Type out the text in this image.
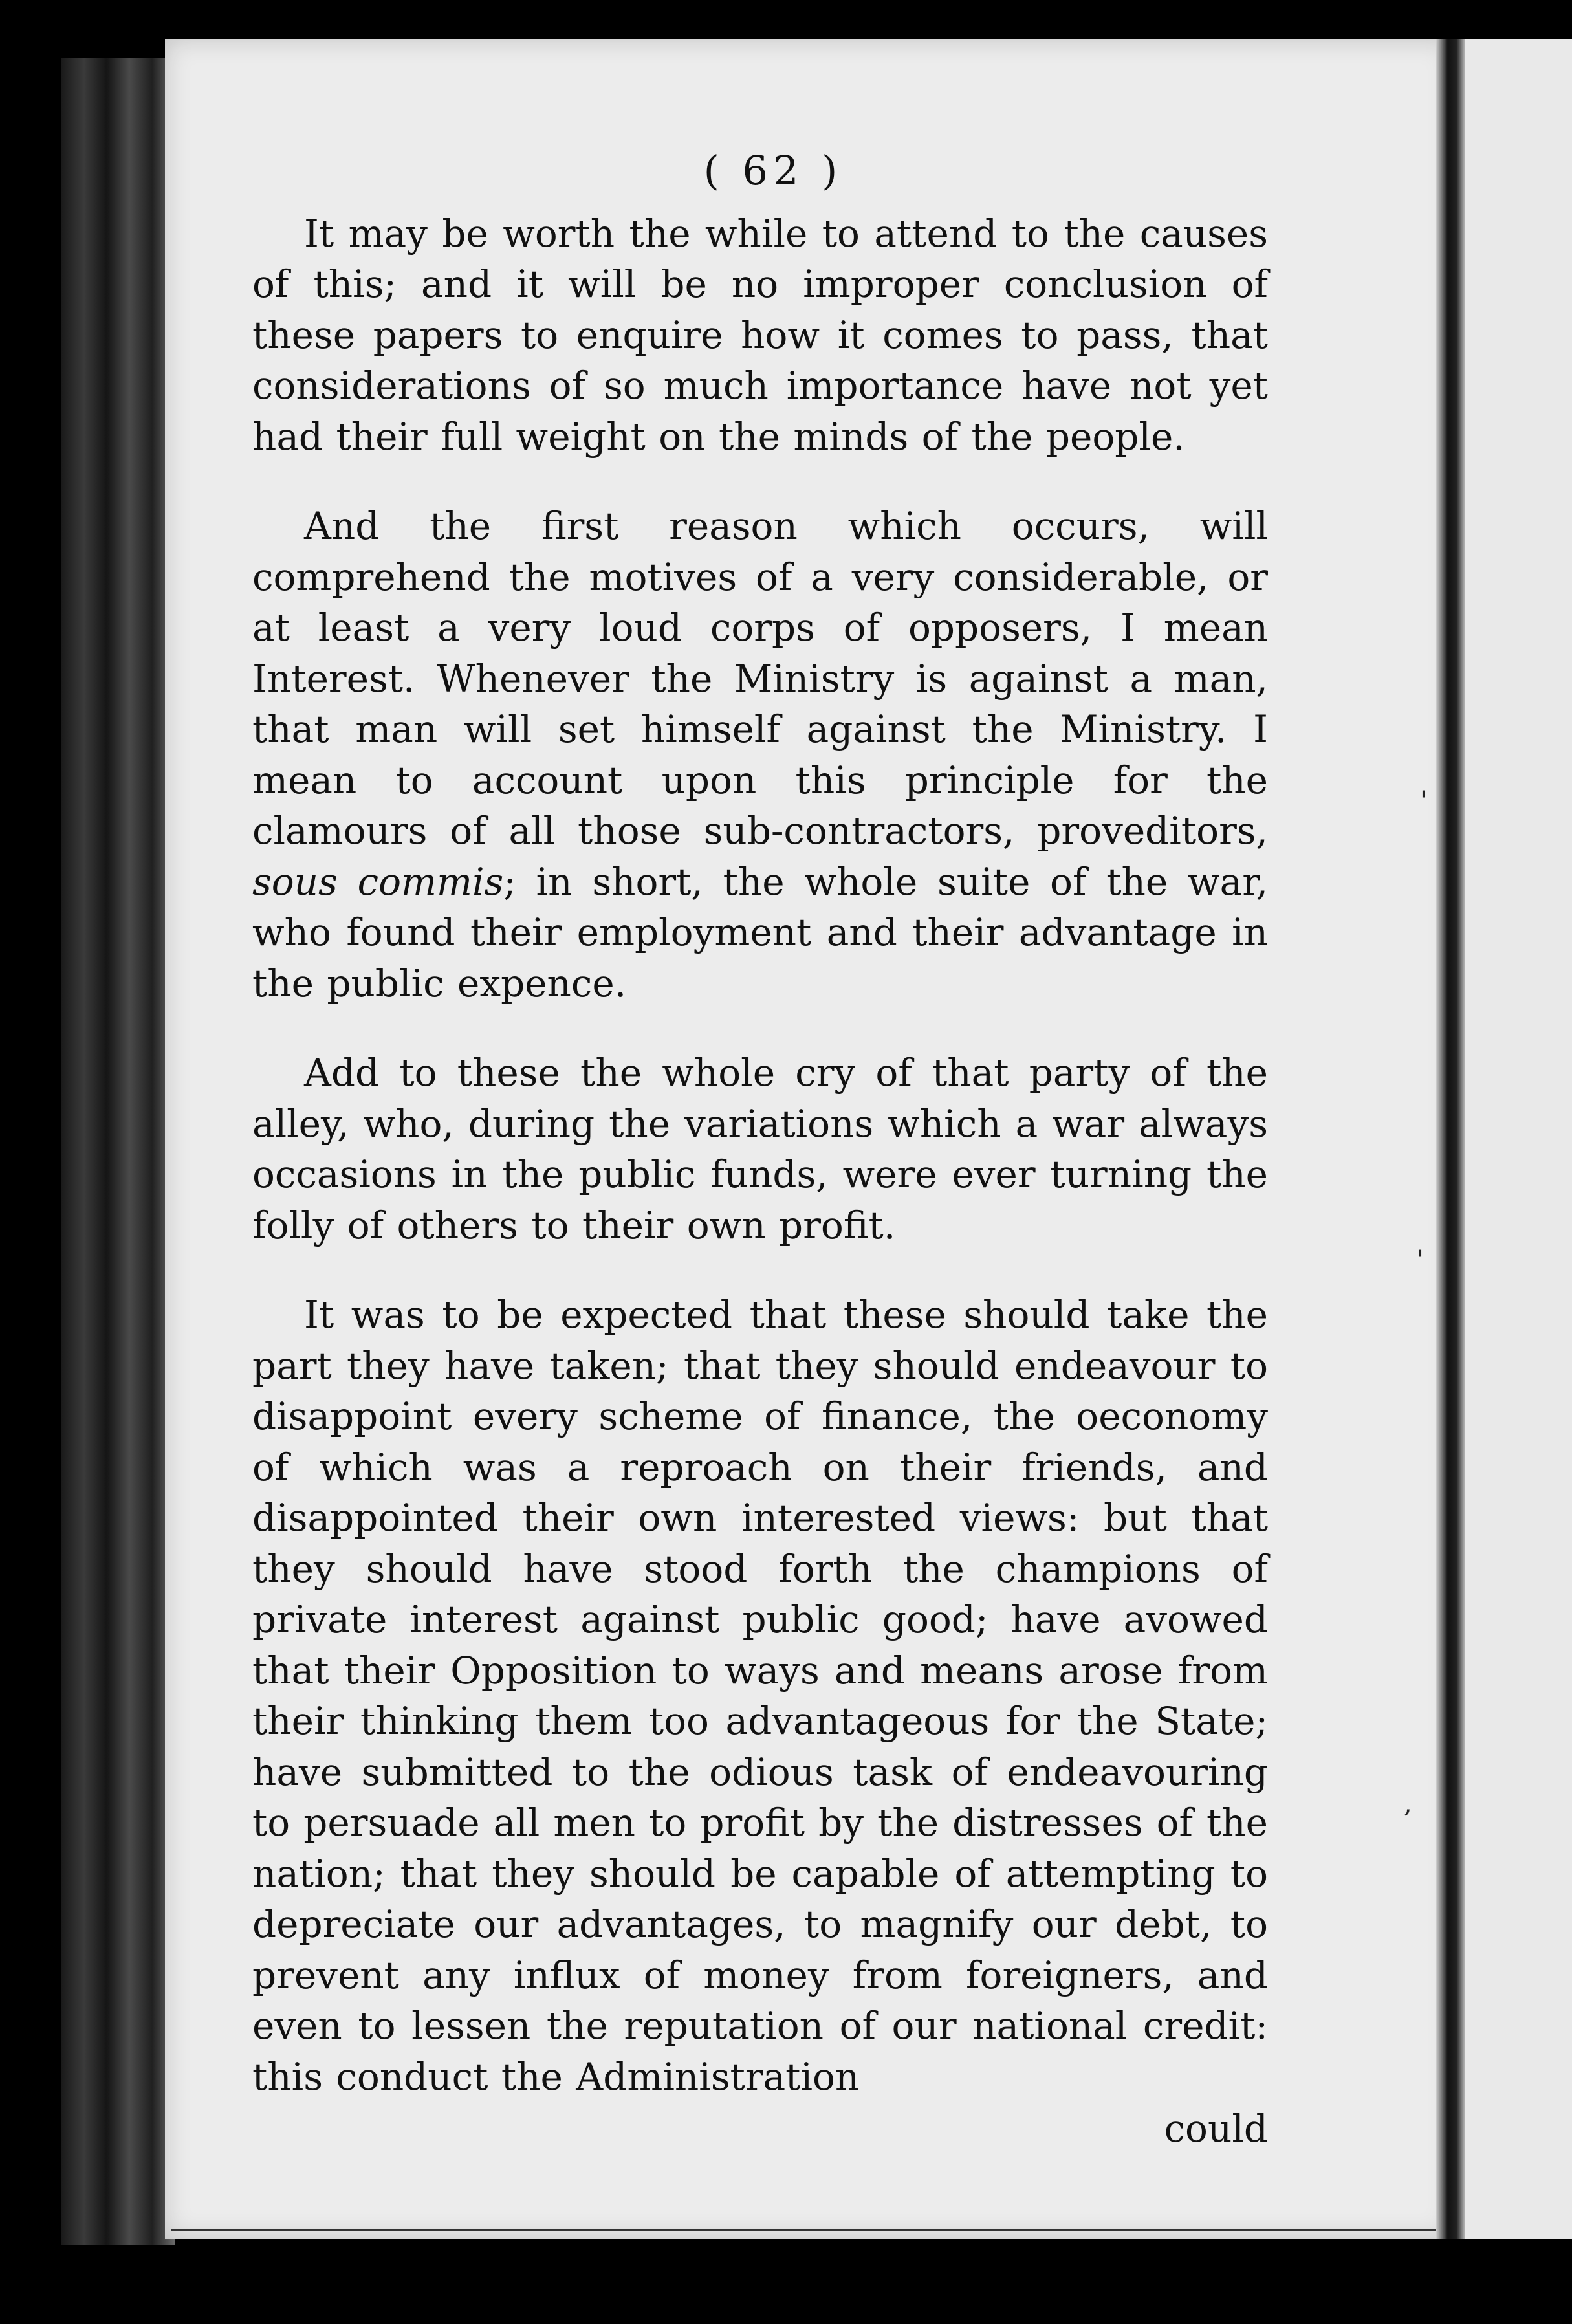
'
'
,
( 62 )

It may be worth the while to attend to the causes of this; and it will be no improper conclusion of these papers to enquire how it comes to pass, that considerations of so much importance have not yet had their full weight on the minds of the people.

And the first reason which occurs, will comprehend the motives of a very considerable, or at least a very loud corps of opposers, I mean Interest. Whenever the Ministry is against a man, that man will set himself against the Ministry. I mean to account upon this principle for the clamours of all those sub-contractors, proveditors, sous commis; in short, the whole suite of the war, who found their employment and their advantage in the public expence.

Add to these the whole cry of that party of the alley, who, during the variations which a war always occasions in the public funds, were ever turning the folly of others to their own profit.

It was to be expected that these should take the part they have taken; that they should endeavour to disappoint every scheme of finance, the oeconomy of which was a reproach on their friends, and disappointed their own interested views: but that they should have stood forth the champions of private interest against public good; have avowed that their Opposition to ways and means arose from their thinking them too advantageous for the State; have submitted to the odious task of endeavouring to persuade all men to profit by the distresses of the nation; that they should be capable of attempting to depreciate our advantages, to magnify our debt, to prevent any influx of money from foreigners, and even to lessen the reputation of our national credit: this conduct the Administration

could
